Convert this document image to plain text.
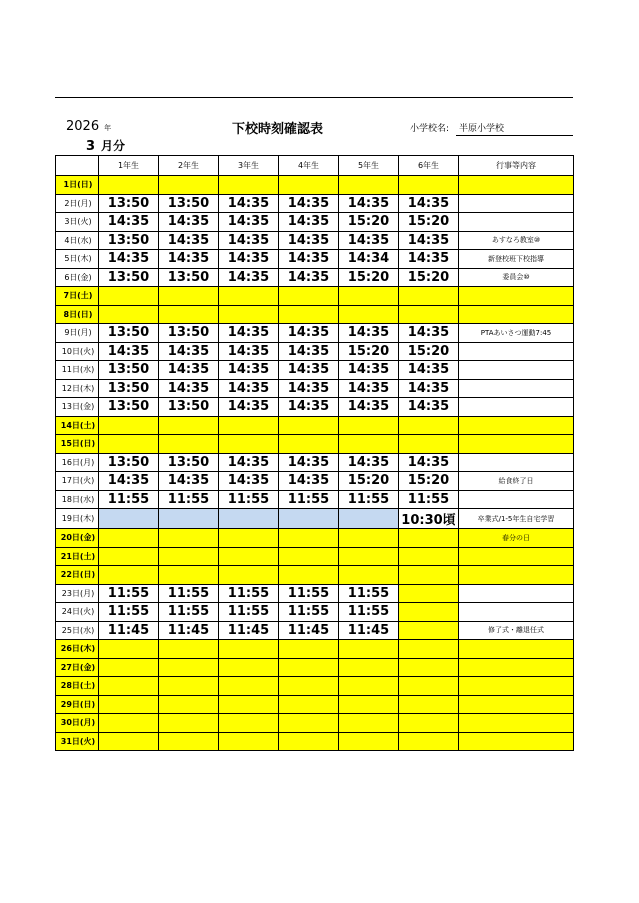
2026 年	下校時刻確認表	小学校名: 半原小学校
3 月分
	1年生	2年生	3年生	4年生	5年生	6年生	行事等内容
1日(日)							
2日(月)	13:50	13:50	14:35	14:35	14:35	14:35	
3日(火)	14:35	14:35	14:35	14:35	15:20	15:20	
4日(水)	13:50	14:35	14:35	14:35	14:35	14:35	あすなろ教室⑩
5日(木)	14:35	14:35	14:35	14:35	14:34	14:35	新登校班下校指導
6日(金)	13:50	13:50	14:35	14:35	15:20	15:20	委員会⑩
7日(土)							
8日(日)							
9日(月)	13:50	13:50	14:35	14:35	14:35	14:35	PTAあいさつ運動7:45
10日(火)	14:35	14:35	14:35	14:35	15:20	15:20	
11日(水)	13:50	14:35	14:35	14:35	14:35	14:35	
12日(木)	13:50	14:35	14:35	14:35	14:35	14:35	
13日(金)	13:50	13:50	14:35	14:35	14:35	14:35	
14日(土)							
15日(日)							
16日(月)	13:50	13:50	14:35	14:35	14:35	14:35	
17日(火)	14:35	14:35	14:35	14:35	15:20	15:20	給食終了日
18日(水)	11:55	11:55	11:55	11:55	11:55	11:55	
19日(木)						10:30頃	卒業式/1-5年生自宅学習
20日(金)							春分の日
21日(土)							
22日(日)							
23日(月)	11:55	11:55	11:55	11:55	11:55		
24日(火)	11:55	11:55	11:55	11:55	11:55		
25日(水)	11:45	11:45	11:45	11:45	11:45		修了式・離退任式
26日(木)							
27日(金)							
28日(土)							
29日(日)							
30日(月)							
31日(火)							
